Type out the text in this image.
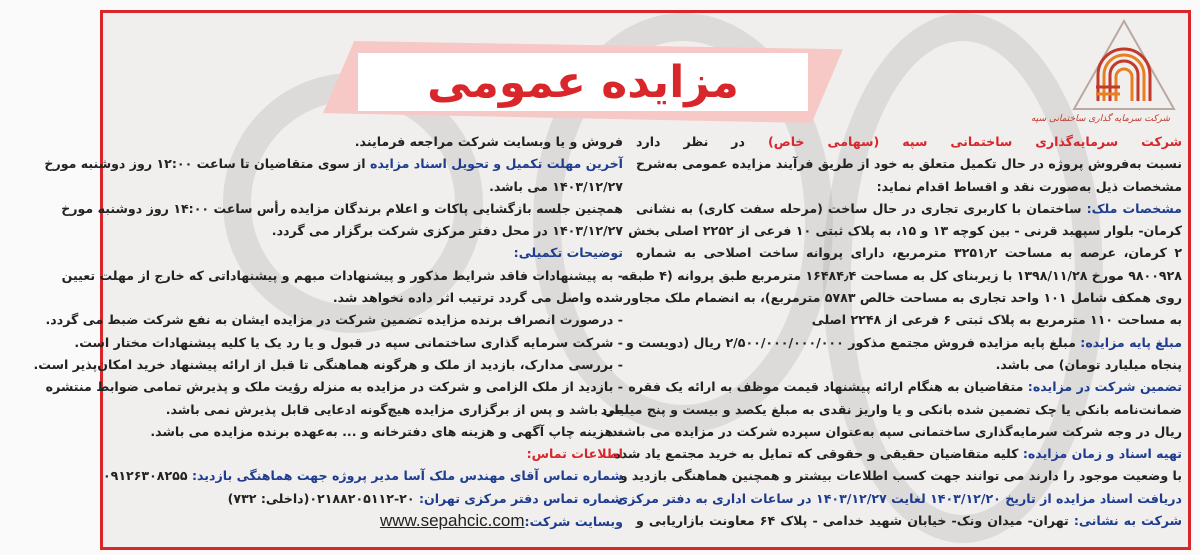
مزایده عمومی
شرکت سرمایه گذاری ساختمانی سپه
شرکت سرمایه‌گذاری ساختمانی سپه (سهامی خاص) در نظر دارد
نسبت به‌فروش پروژه در حال تکمیل متعلق به خود از طریق فرآیند مزایده عمومی به‌شرح
مشخصات ذیل به‌صورت نقد و اقساط اقدام نماید:
مشخصات ملک: ساختمان با کاربری تجاری در حال ساخت (مرحله سفت کاری) به نشانی
کرمان- بلوار سپهبد قرنی - بین کوچه ۱۳ و ۱۵، به پلاک ثبتی ۱۰ فرعی از ۲۲۵۲ اصلی بخش
۲ کرمان، عرصه به مساحت ۳۲۵۱٫۲ مترمربع، دارای پروانه ساخت اصلاحی به شماره
۹۸۰۰۹۲۸ مورخ ۱۳۹۸/۱۱/۲۸ با زیربنای کل به مساحت ۱۶۴۸۴٫۴ مترمربع طبق پروانه (۴ طبقه
روی همکف شامل ۱۰۱ واحد تجاری به مساحت خالص ۵۷۸۳ مترمربع)، به انضمام ملک مجاور
به مساحت ۱۱۰ مترمربع به پلاک ثبتی ۶ فرعی از ۲۲۴۸ اصلی
مبلغ پایه مزایده: مبلغ پایه مزایده فروش مجتمع مذکور ۲/۵۰۰/۰۰۰/۰۰۰/۰۰۰ ریال (دویست و
پنجاه میلیارد تومان) می باشد.
تضمین شرکت در مزایده: متقاضیان به هنگام ارائه پیشنهاد قیمت موظف به ارائه یک فقره
ضمانت‌نامه بانکی یا چک تضمین شده بانکی و یا واریز نقدی به مبلغ یکصد و بیست و پنج میلیارد
ریال در وجه شرکت سرمایه‌گذاری ساختمانی سپه به‌عنوان سپرده شرکت در مزایده می باشند.
تهیه اسناد و زمان مزایده: کلیه متقاضیان حقیقی و حقوقی که تمایل به خرید مجتمع یاد شده
با وضعیت موجود را دارند می توانند جهت کسب اطلاعات بیشتر و همچنین هماهنگی بازدید و
دریافت اسناد مزایده از تاریخ ۱۴۰۳/۱۲/۲۰ لغایت ۱۴۰۳/۱۲/۲۷ در ساعات اداری به دفتر مرکزی
شرکت به نشانی: تهران- میدان ونک- خیابان شهید خدامی - پلاک ۶۴ معاونت بازاریابی و
فروش و یا وبسایت شرکت مراجعه فرمایند.
آخرین مهلت تکمیل و تحویل اسناد مزایده از سوی متقاضیان تا ساعت ۱۲:۰۰ روز دوشنبه مورخ
۱۴۰۳/۱۲/۲۷ می باشد.
همچنین جلسه بازگشایی پاکات و اعلام برندگان مزایده رأس ساعت ۱۴:۰۰ روز دوشنبه مورخ
۱۴۰۳/۱۲/۲۷ در محل دفتر مرکزی شرکت برگزار می گردد.
توضیحات تکمیلی:
- به پیشنهادات فاقد شرایط مذکور و پیشنهادات مبهم و پیشنهاداتی که خارج از مهلت تعیین
شده واصل می گردد ترتیب اثر داده نخواهد شد.
- درصورت انصراف برنده مزایده تضمین شرکت در مزایده ایشان به نفع شرکت ضبط می گردد.
- شرکت سرمایه گذاری ساختمانی سپه در قبول و یا رد یک یا کلیه پیشنهادات مختار است.
- بررسی مدارک، بازدید از ملک و هرگونه هماهنگی تا قبل از ارائه پیشنهاد خرید امکان‌پذیر است.
- بازدید از ملک الزامی و شرکت در مزایده به منزله رؤیت ملک و پذیرش تمامی ضوابط منتشره
می باشد و پس از برگزاری مزایده هیچ‌گونه ادعایی قابل پذیرش نمی باشد.
- هزینه چاپ آگهی و هزینه های دفترخانه و ... به‌عهده برنده مزایده می باشد.
اطلاعات تماس:
شماره تماس آقای مهندس ملک آسا مدیر پروژه جهت هماهنگی بازدید: ۰۹۱۲۶۳۰۸۲۵۵
شماره تماس دفتر مرکزی تهران: ۲۰-۰۲۱۸۸۲۰۵۱۱۲(داخلی: ۷۳۲)
وبسایت شرکت:www.sepahcic.com
